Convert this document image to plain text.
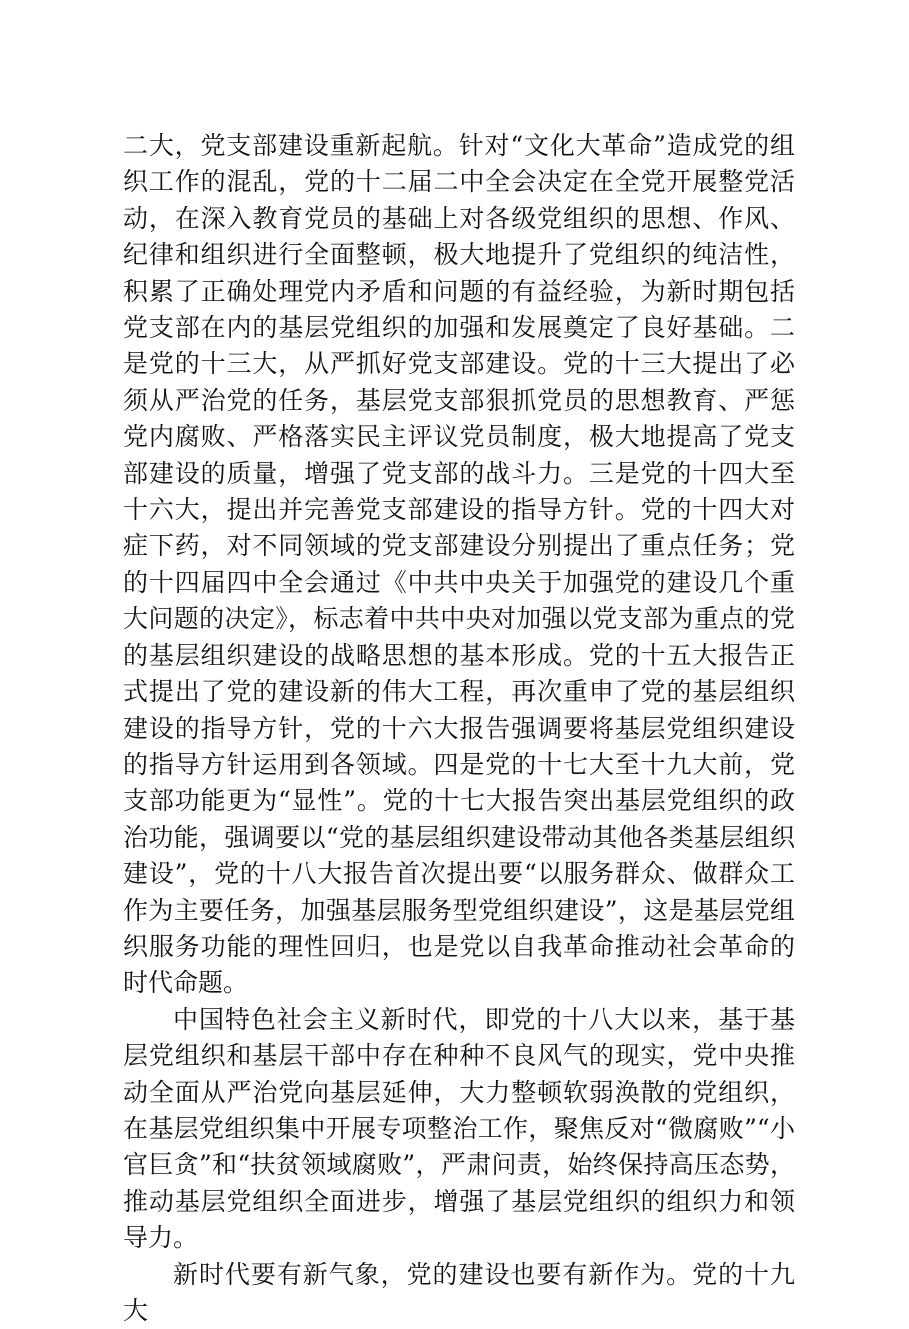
二大，党支部建设重新起航。针对“文化大革命”造成党的组织工作的混乱，党的十二届二中全会决定在全党开展整党活动，在深入教育党员的基础上对各级党组织的思想、作风、纪律和组织进行全面整顿，极大地提升了党组织的纯洁性，积累了正确处理党内矛盾和问题的有益经验，为新时期包括党支部在内的基层党组织的加强和发展奠定了良好基础。二是党的十三大，从严抓好党支部建设。党的十三大提出了必须从严治党的任务，基层党支部狠抓党员的思想教育、严惩党内腐败、严格落实民主评议党员制度，极大地提高了党支部建设的质量，增强了党支部的战斗力。三是党的十四大至十六大，提出并完善党支部建设的指导方针。党的十四大对症下药，对不同领域的党支部建设分别提出了重点任务；党的十四届四中全会通过《中共中央关于加强党的建设几个重大问题的决定》，标志着中共中央对加强以党支部为重点的党的基层组织建设的战略思想的基本形成。党的十五大报告正式提出了党的建设新的伟大工程，再次重申了党的基层组织建设的指导方针，党的十六大报告强调要将基层党组织建设的指导方针运用到各领域。四是党的十七大至十九大前，党支部功能更为“显性”。党的十七大报告突出基层党组织的政治功能，强调要以“党的基层组织建设带动其他各类基层组织建设”，党的十八大报告首次提出要“以服务群众、做群众工作为主要任务，加强基层服务型党组织建设”，这是基层党组织服务功能的理性回归，也是党以自我革命推动社会革命的时代命题。

中国特色社会主义新时代，即党的十八大以来，基于基层党组织和基层干部中存在种种不良风气的现实，党中央推动全面从严治党向基层延伸，大力整顿软弱涣散的党组织，在基层党组织集中开展专项整治工作，聚焦反对“微腐败”“小官巨贪”和“扶贫领域腐败”，严肃问责，始终保持高压态势，推动基层党组织全面进步，增强了基层党组织的组织力和领导力。

新时代要有新气象，党的建设也要有新作为。党的十九大
